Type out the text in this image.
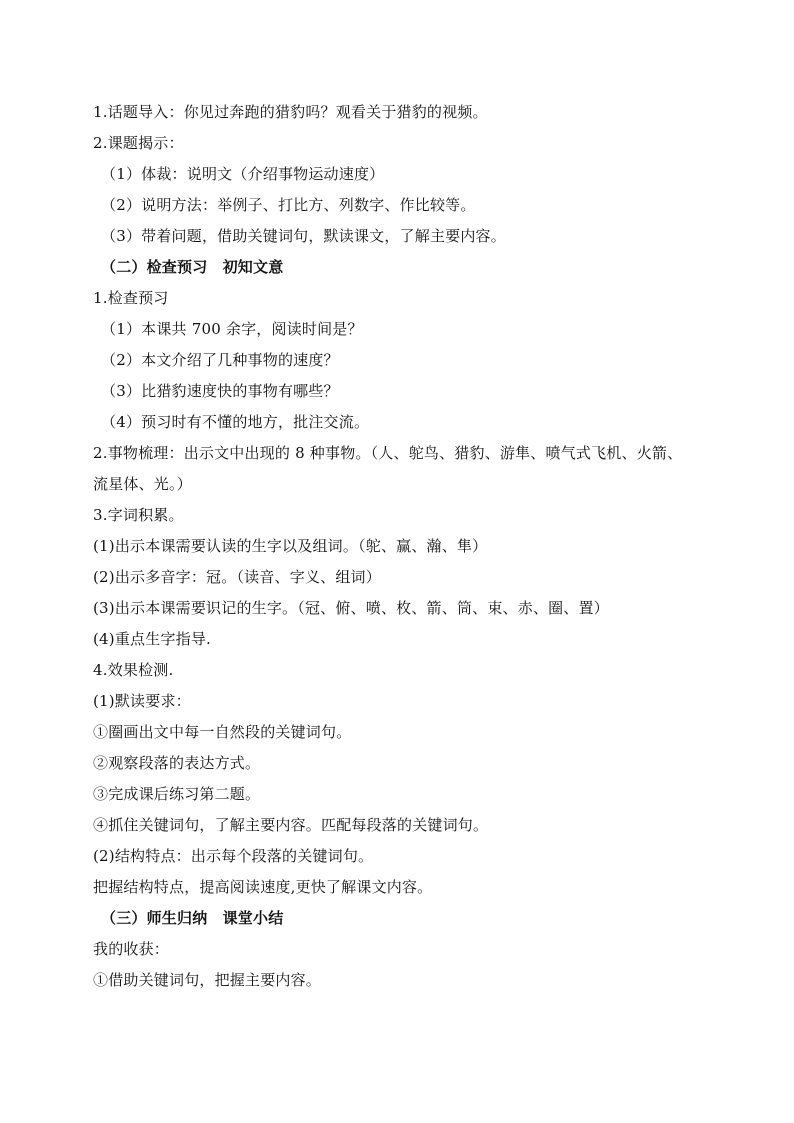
1.话题导入：你见过奔跑的猎豹吗？观看关于猎豹的视频。
2.课题揭示：
（1）体裁：说明文（介绍事物运动速度）
（2）说明方法：举例子、打比方、列数字、作比较等。
（3）带着问题，借助关键词句，默读课文，了解主要内容。
（二）检查预习　初知文意
1.检查预习
（1）本课共 700 余字，阅读时间是？
（2）本文介绍了几种事物的速度？
（3）比猎豹速度快的事物有哪些？
（4）预习时有不懂的地方，批注交流。
2.事物梳理：出示文中出现的 8 种事物。（人、鸵鸟、猎豹、游隼、喷气式飞机、火箭、
流星体、光。）
3.字词积累。
(1)出示本课需要认读的生字以及组词。（鸵、赢、瀚、隼）
(2)出示多音字：冠。（读音、字义、组词）
(3)出示本课需要识记的生字。（冠、俯、喷、枚、箭、筒、束、赤、圈、置）
(4)重点生字指导.
4.效果检测.
(1)默读要求：
①圈画出文中每一自然段的关键词句。
②观察段落的表达方式。
③完成课后练习第二题。
④抓住关键词句，了解主要内容。匹配每段落的关键词句。
(2)结构特点：出示每个段落的关键词句。
把握结构特点，提高阅读速度,更快了解课文内容。
（三）师生归纳　课堂小结
我的收获：
①借助关键词句，把握主要内容。
